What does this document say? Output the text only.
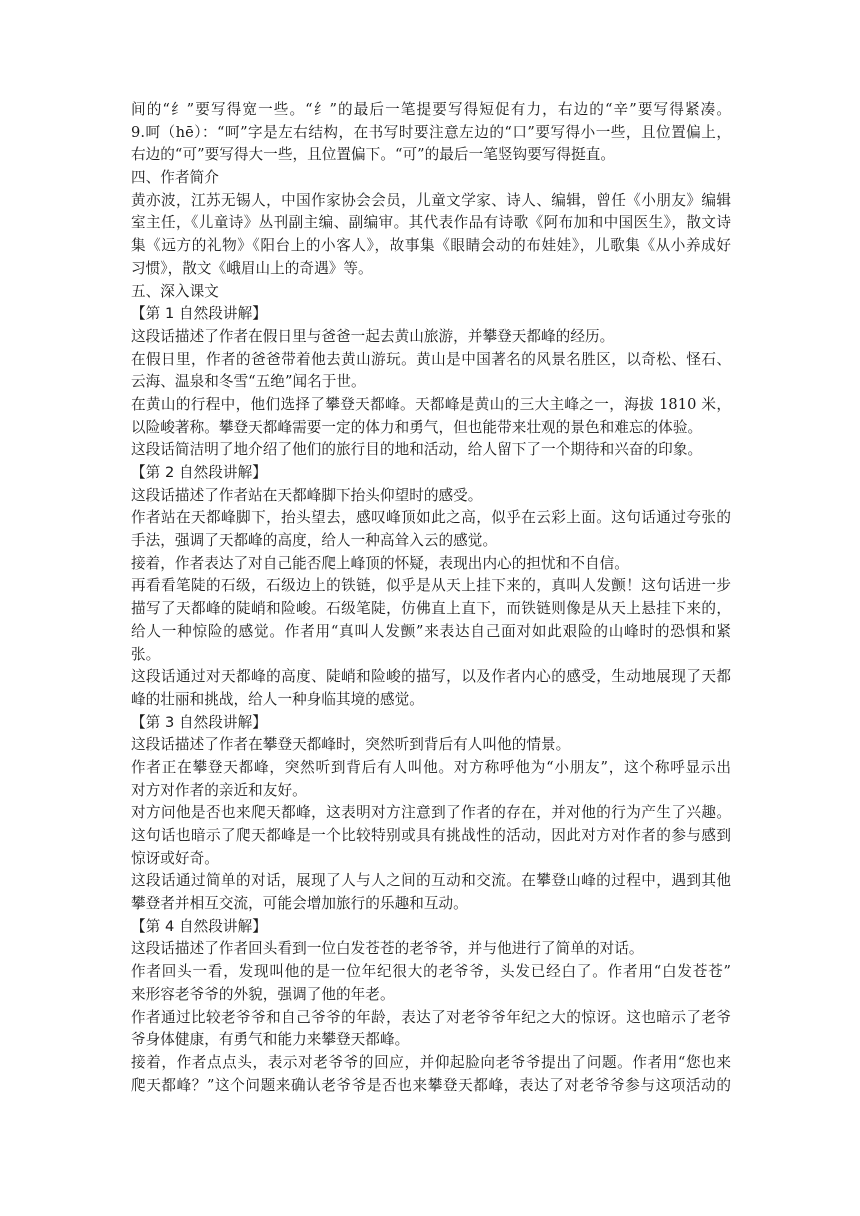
间的“纟”要写得宽一些。“纟”的最后一笔提要写得短促有力，右边的“辛”要写得紧凑。
9.呵（hē）：“呵”字是左右结构，在书写时要注意左边的“口”要写得小一些，且位置偏上，
右边的“可”要写得大一些，且位置偏下。“可”的最后一笔竖钩要写得挺直。
四、作者简介
黄亦波，江苏无锡人，中国作家协会会员，儿童文学家、诗人、编辑，曾任《小朋友》编辑
室主任，《儿童诗》丛刊副主编、副编审。其代表作品有诗歌《阿布加和中国医生》，散文诗
集《远方的礼物》《阳台上的小客人》，故事集《眼睛会动的布娃娃》，儿歌集《从小养成好
习惯》，散文《峨眉山上的奇遇》等。
五、深入课文
【第 1 自然段讲解】
这段话描述了作者在假日里与爸爸一起去黄山旅游，并攀登天都峰的经历。
在假日里，作者的爸爸带着他去黄山游玩。黄山是中国著名的风景名胜区，以奇松、怪石、
云海、温泉和冬雪“五绝”闻名于世。
在黄山的行程中，他们选择了攀登天都峰。天都峰是黄山的三大主峰之一，海拔 1810 米，
以险峻著称。攀登天都峰需要一定的体力和勇气，但也能带来壮观的景色和难忘的体验。
这段话简洁明了地介绍了他们的旅行目的地和活动，给人留下了一个期待和兴奋的印象。
【第 2 自然段讲解】
这段话描述了作者站在天都峰脚下抬头仰望时的感受。
作者站在天都峰脚下，抬头望去，感叹峰顶如此之高，似乎在云彩上面。这句话通过夸张的
手法，强调了天都峰的高度，给人一种高耸入云的感觉。
接着，作者表达了对自己能否爬上峰顶的怀疑，表现出内心的担忧和不自信。
再看看笔陡的石级，石级边上的铁链，似乎是从天上挂下来的，真叫人发颤！这句话进一步
描写了天都峰的陡峭和险峻。石级笔陡，仿佛直上直下，而铁链则像是从天上悬挂下来的，
给人一种惊险的感觉。作者用“真叫人发颤”来表达自己面对如此艰险的山峰时的恐惧和紧
张。
这段话通过对天都峰的高度、陡峭和险峻的描写，以及作者内心的感受，生动地展现了天都
峰的壮丽和挑战，给人一种身临其境的感觉。
【第 3 自然段讲解】
这段话描述了作者在攀登天都峰时，突然听到背后有人叫他的情景。
作者正在攀登天都峰，突然听到背后有人叫他。对方称呼他为“小朋友”，这个称呼显示出
对方对作者的亲近和友好。
对方问他是否也来爬天都峰，这表明对方注意到了作者的存在，并对他的行为产生了兴趣。
这句话也暗示了爬天都峰是一个比较特别或具有挑战性的活动，因此对方对作者的参与感到
惊讶或好奇。
这段话通过简单的对话，展现了人与人之间的互动和交流。在攀登山峰的过程中，遇到其他
攀登者并相互交流，可能会增加旅行的乐趣和互动。
【第 4 自然段讲解】
这段话描述了作者回头看到一位白发苍苍的老爷爷，并与他进行了简单的对话。
作者回头一看，发现叫他的是一位年纪很大的老爷爷，头发已经白了。作者用“白发苍苍”
来形容老爷爷的外貌，强调了他的年老。
作者通过比较老爷爷和自己爷爷的年龄，表达了对老爷爷年纪之大的惊讶。这也暗示了老爷
爷身体健康，有勇气和能力来攀登天都峰。
接着，作者点点头，表示对老爷爷的回应，并仰起脸向老爷爷提出了问题。作者用“您也来
爬天都峰？”这个问题来确认老爷爷是否也来攀登天都峰，表达了对老爷爷参与这项活动的
